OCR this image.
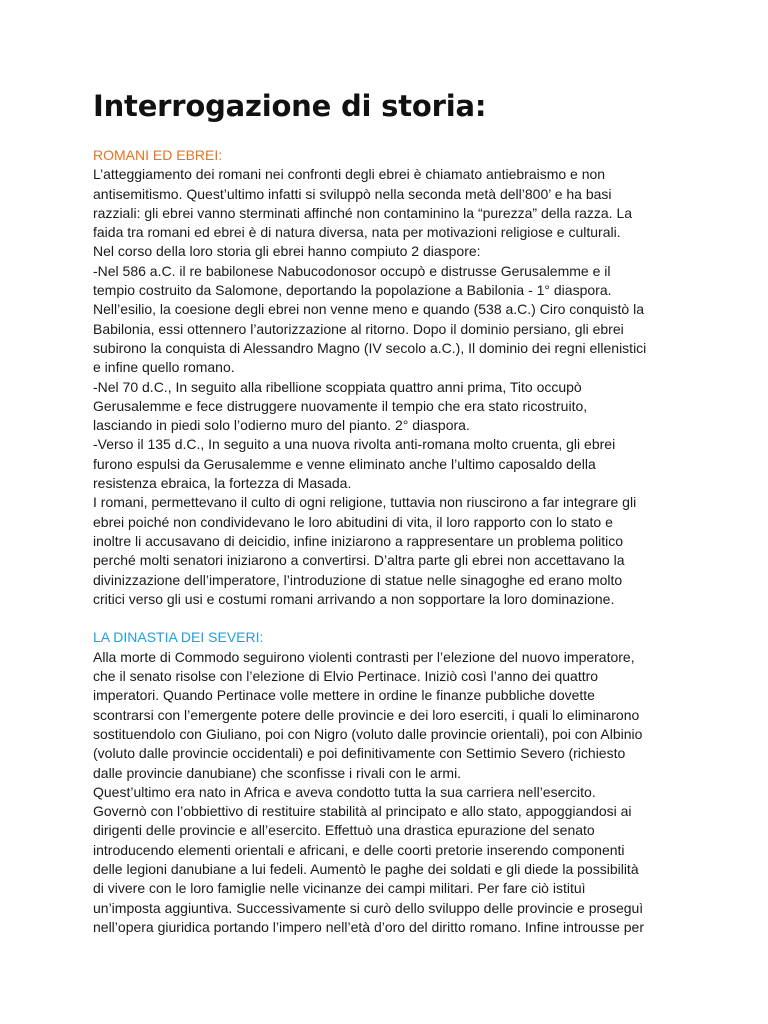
Interrogazione di storia:

ROMANI ED EBREI:

L’atteggiamento dei romani nei confronti degli ebrei è chiamato antiebraismo e non
antisemitismo. Quest’ultimo infatti si sviluppò nella seconda metà dell’800’ e ha basi
razziali: gli ebrei vanno sterminati affinché non contaminino la “purezza” della razza. La
faida tra romani ed ebrei è di natura diversa, nata per motivazioni religiose e culturali.
Nel corso della loro storia gli ebrei hanno compiuto 2 diaspore:
-Nel 586 a.C. il re babilonese Nabucodonosor occupò e distrusse Gerusalemme e il
tempio costruito da Salomone, deportando la popolazione a Babilonia - 1° diaspora.
Nell’esilio, la coesione degli ebrei non venne meno e quando (538 a.C.) Ciro conquistò la
Babilonia, essi ottennero l’autorizzazione al ritorno. Dopo il dominio persiano, gli ebrei
subirono la conquista di Alessandro Magno (IV secolo a.C.), Il dominio dei regni ellenistici
e infine quello romano.
-Nel 70 d.C., In seguito alla ribellione scoppiata quattro anni prima, Tito occupò
Gerusalemme e fece distruggere nuovamente il tempio che era stato ricostruito,
lasciando in piedi solo l’odierno muro del pianto. 2° diaspora.
-Verso il 135 d.C., In seguito a una nuova rivolta anti-romana molto cruenta, gli ebrei
furono espulsi da Gerusalemme e venne eliminato anche l’ultimo caposaldo della
resistenza ebraica, la fortezza di Masada.
I romani, permettevano il culto di ogni religione, tuttavia non riuscirono a far integrare gli
ebrei poiché non condividevano le loro abitudini di vita, il loro rapporto con lo stato e
inoltre li accusavano di deicidio, infine iniziarono a rappresentare un problema politico
perché molti senatori iniziarono a convertirsi. D’altra parte gli ebrei non accettavano la
divinizzazione dell’imperatore, l’introduzione di statue nelle sinagoghe ed erano molto
critici verso gli usi e costumi romani arrivando a non sopportare la loro dominazione.

LA DINASTIA DEI SEVERI:

Alla morte di Commodo seguirono violenti contrasti per l’elezione del nuovo imperatore,
che il senato risolse con l’elezione di Elvio Pertinace. Iniziò così l’anno dei quattro
imperatori. Quando Pertinace volle mettere in ordine le finanze pubbliche dovette
scontrarsi con l’emergente potere delle provincie e dei loro eserciti, i quali lo eliminarono
sostituendolo con Giuliano, poi con Nigro (voluto dalle provincie orientali), poi con Albinio
(voluto dalle provincie occidentali) e poi definitivamente con Settimio Severo (richiesto
dalle provincie danubiane) che sconfisse i rivali con le armi.
Quest’ultimo era nato in Africa e aveva condotto tutta la sua carriera nell’esercito.
Governò con l’obbiettivo di restituire stabilità al principato e allo stato, appoggiandosi ai
dirigenti delle provincie e all’esercito. Effettuò una drastica epurazione del senato
introducendo elementi orientali e africani, e delle coorti pretorie inserendo componenti
delle legioni danubiane a lui fedeli. Aumentò le paghe dei soldati e gli diede la possibilità
di vivere con le loro famiglie nelle vicinanze dei campi militari. Per fare ciò istituì
un’imposta aggiuntiva. Successivamente si curò dello sviluppo delle provincie e proseguì
nell’opera giuridica portando l’impero nell’età d’oro del diritto romano. Infine introusse per
